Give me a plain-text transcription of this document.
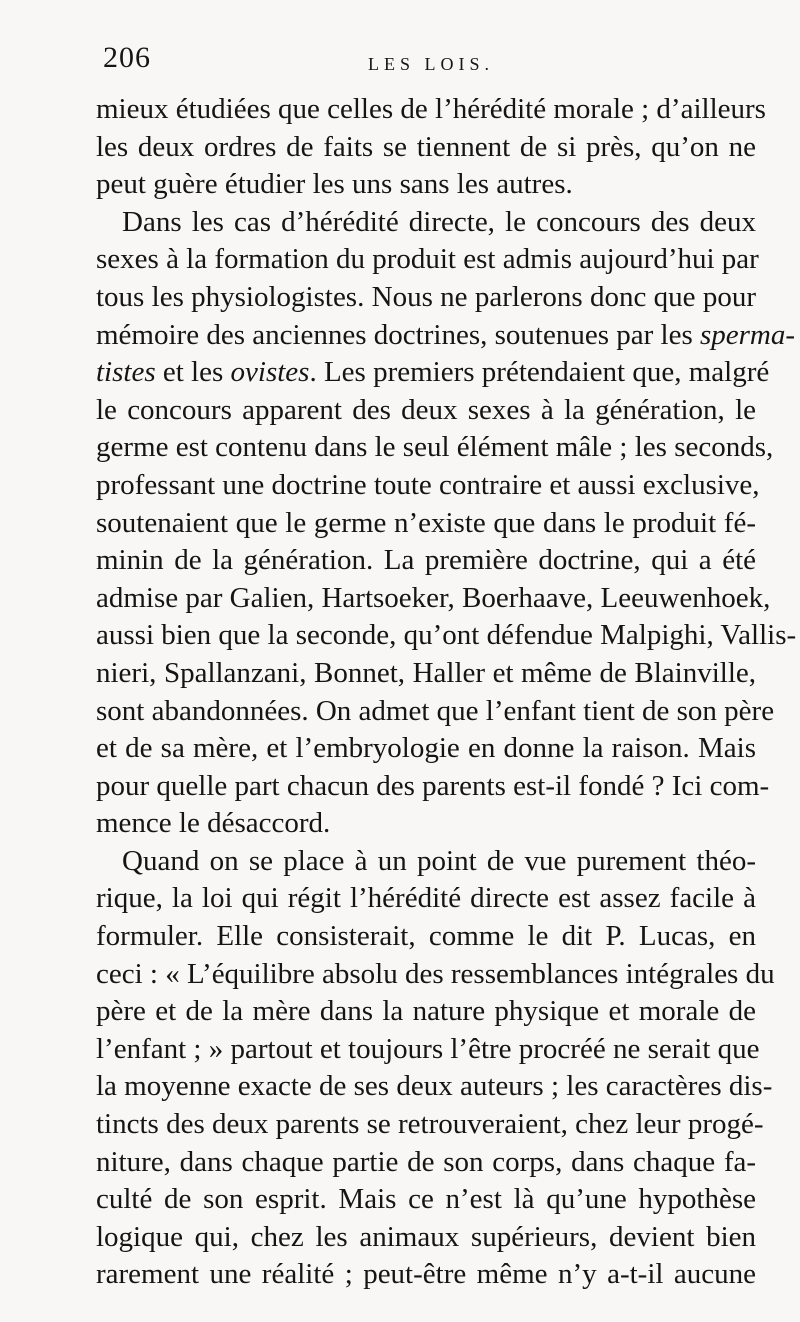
206	LES LOIS.
mieux étudiées que celles de l’hérédité morale ; d’ailleurs
les deux ordres de faits se tiennent de si près, qu’on ne
peut guère étudier les uns sans les autres.
Dans les cas d’hérédité directe, le concours des deux
sexes à la formation du produit est admis aujourd’hui par
tous les physiologistes. Nous ne parlerons donc que pour
mémoire des anciennes doctrines, soutenues par les sperma-
tistes et les ovistes. Les premiers prétendaient que, malgré
le concours apparent des deux sexes à la génération, le
germe est contenu dans le seul élément mâle ; les seconds,
professant une doctrine toute contraire et aussi exclusive,
soutenaient que le germe n’existe que dans le produit fé-
minin de la génération. La première doctrine, qui a été
admise par Galien, Hartsoeker, Boerhaave, Leeuwenhoek,
aussi bien que la seconde, qu’ont défendue Malpighi, Vallis-
nieri, Spallanzani, Bonnet, Haller et même de Blainville,
sont abandonnées. On admet que l’enfant tient de son père
et de sa mère, et l’embryologie en donne la raison. Mais
pour quelle part chacun des parents est-il fondé ? Ici com-
mence le désaccord.
Quand on se place à un point de vue purement théo-
rique, la loi qui régit l’hérédité directe est assez facile à
formuler. Elle consisterait, comme le dit P. Lucas, en
ceci : « L’équilibre absolu des ressemblances intégrales du
père et de la mère dans la nature physique et morale de
l’enfant ; » partout et toujours l’être procréé ne serait que
la moyenne exacte de ses deux auteurs ; les caractères dis-
tincts des deux parents se retrouveraient, chez leur progé-
niture, dans chaque partie de son corps, dans chaque fa-
culté de son esprit. Mais ce n’est là qu’une hypothèse
logique qui, chez les animaux supérieurs, devient bien
rarement une réalité ; peut-être même n’y a-t-il aucune
